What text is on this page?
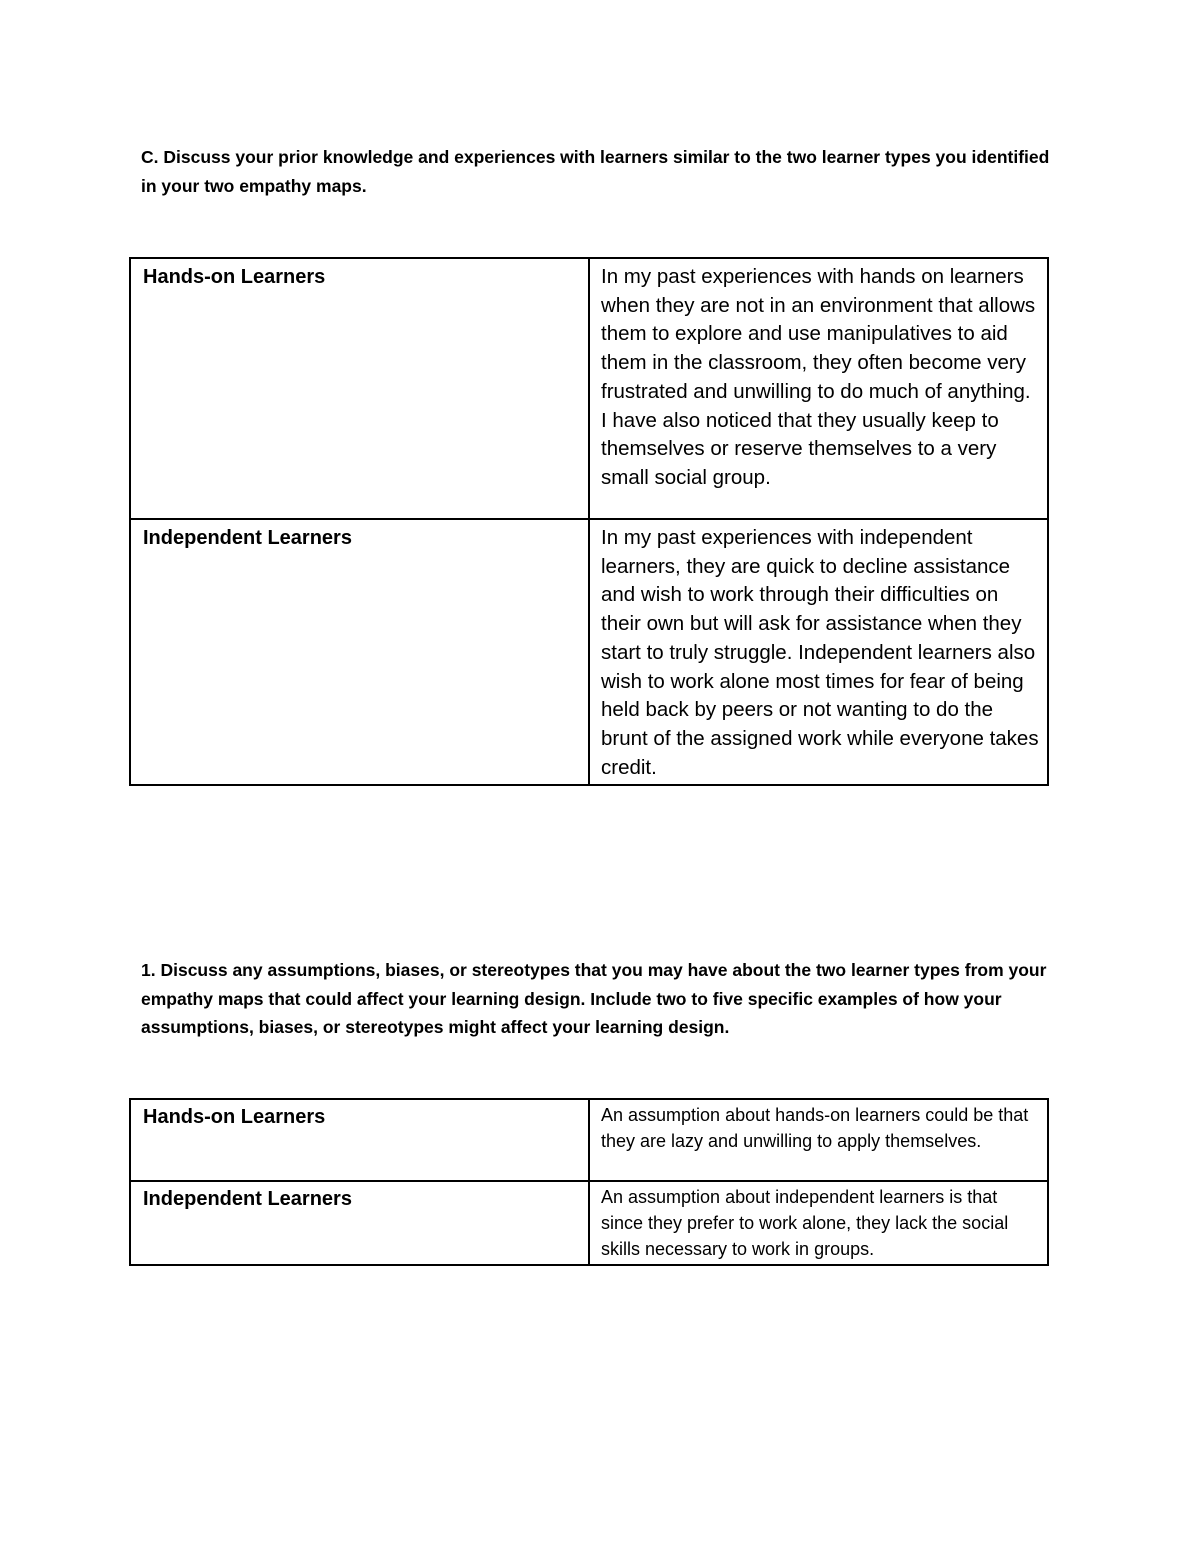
C. Discuss your prior knowledge and experiences with learners similar to the two learner types you identified in your two empathy maps.

Hands-on Learners	In my past experiences with hands on learners when they are not in an environment that allows them to explore and use manipulatives to aid them in the classroom, they often become very frustrated and unwilling to do much of anything. I have also noticed that they usually keep to themselves or reserve themselves to a very small social group.
Independent Learners	In my past experiences with independent learners, they are quick to decline assistance and wish to work through their difficulties on their own but will ask for assistance when they start to truly struggle. Independent learners also wish to work alone most times for fear of being held back by peers or not wanting to do the brunt of the assigned work while everyone takes credit.

1. Discuss any assumptions, biases, or stereotypes that you may have about the two learner types from your empathy maps that could affect your learning design. Include two to five specific examples of how your assumptions, biases, or stereotypes might affect your learning design.

Hands-on Learners	An assumption about hands-on learners could be that they are lazy and unwilling to apply themselves.
Independent Learners	An assumption about independent learners is that since they prefer to work alone, they lack the social skills necessary to work in groups.
